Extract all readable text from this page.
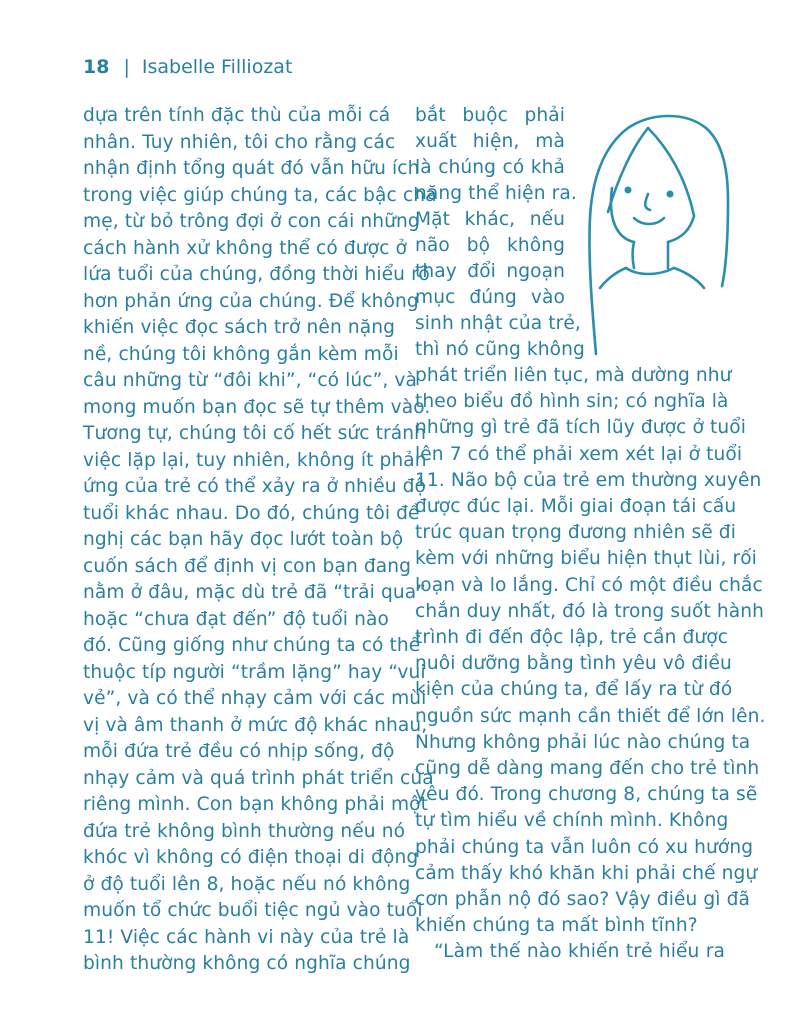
18 | Isabelle Filliozat
dựa trên tính đặc thù của mỗi cá
nhân. Tuy nhiên, tôi cho rằng các
nhận định tổng quát đó vẫn hữu ích
trong việc giúp chúng ta, các bậc cha
mẹ, từ bỏ trông đợi ở con cái những
cách hành xử không thể có được ở
lứa tuổi của chúng, đồng thời hiểu rõ
hơn phản ứng của chúng. Để không
khiến việc đọc sách trở nên nặng
nề, chúng tôi không gắn kèm mỗi
câu những từ “đôi khi”, “có lúc”, và
mong muốn bạn đọc sẽ tự thêm vào.
Tương tự, chúng tôi cố hết sức tránh
việc lặp lại, tuy nhiên, không ít phản
ứng của trẻ có thể xảy ra ở nhiều độ
tuổi khác nhau. Do đó, chúng tôi đề
nghị các bạn hãy đọc lướt toàn bộ
cuốn sách để định vị con bạn đang
nằm ở đâu, mặc dù trẻ đã “trải qua”
hoặc “chưa đạt đến” độ tuổi nào
đó. Cũng giống như chúng ta có thể
thuộc típ người “trầm lặng” hay “vui
vẻ”, và có thể nhạy cảm với các mùi
vị và âm thanh ở mức độ khác nhau,
mỗi đứa trẻ đều có nhịp sống, độ
nhạy cảm và quá trình phát triển của
riêng mình. Con bạn không phải một
đứa trẻ không bình thường nếu nó
khóc vì không có điện thoại di động
ở độ tuổi lên 8, hoặc nếu nó không
muốn tổ chức buổi tiệc ngủ vào tuổi
11! Việc các hành vi này của trẻ là
bình thường không có nghĩa chúng
bắt buộc phải
xuất hiện, mà
là chúng có khả
năng thể hiện ra.
Mặt khác, nếu
não bộ không
thay đổi ngoạn
mục đúng vào
sinh nhật của trẻ,
thì nó cũng không
phát triển liên tục, mà dường như
theo biểu đồ hình sin; có nghĩa là
những gì trẻ đã tích lũy được ở tuổi
lên 7 có thể phải xem xét lại ở tuổi
11. Não bộ của trẻ em thường xuyên
được đúc lại. Mỗi giai đoạn tái cấu
trúc quan trọng đương nhiên sẽ đi
kèm với những biểu hiện thụt lùi, rối
loạn và lo lắng. Chỉ có một điều chắc
chắn duy nhất, đó là trong suốt hành
trình đi đến độc lập, trẻ cần được
nuôi dưỡng bằng tình yêu vô điều
kiện của chúng ta, để lấy ra từ đó
nguồn sức mạnh cần thiết để lớn lên.
Nhưng không phải lúc nào chúng ta
cũng dễ dàng mang đến cho trẻ tình
yêu đó. Trong chương 8, chúng ta sẽ
tự tìm hiểu về chính mình. Không
phải chúng ta vẫn luôn có xu hướng
cảm thấy khó khăn khi phải chế ngự
cơn phẫn nộ đó sao? Vậy điều gì đã
khiến chúng ta mất bình tĩnh?
“Làm thế nào khiến trẻ hiểu ra
